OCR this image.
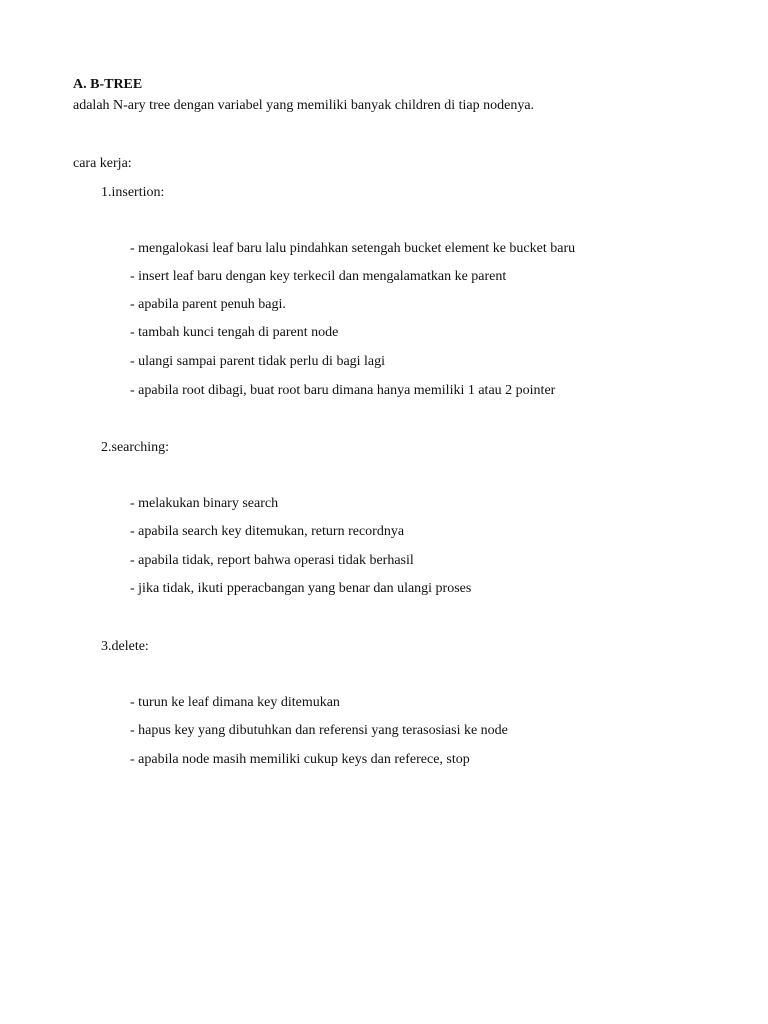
A. B-TREE
adalah N-ary tree dengan variabel yang memiliki banyak children di tiap nodenya.
cara kerja:
1.insertion:
- mengalokasi leaf baru lalu pindahkan setengah bucket element ke bucket baru
- insert leaf baru dengan key terkecil dan mengalamatkan ke parent
- apabila parent penuh bagi.
- tambah kunci tengah di parent node
- ulangi sampai parent tidak perlu di bagi lagi
- apabila root dibagi, buat root baru dimana hanya memiliki 1 atau 2 pointer
2.searching:
- melakukan binary search
- apabila search key ditemukan, return recordnya
- apabila tidak, report bahwa operasi tidak berhasil
- jika tidak, ikuti pperacbangan yang benar dan ulangi proses
3.delete:
- turun ke leaf dimana key ditemukan
- hapus key yang dibutuhkan dan referensi yang terasosiasi ke node
- apabila node masih memiliki cukup keys dan referece, stop
